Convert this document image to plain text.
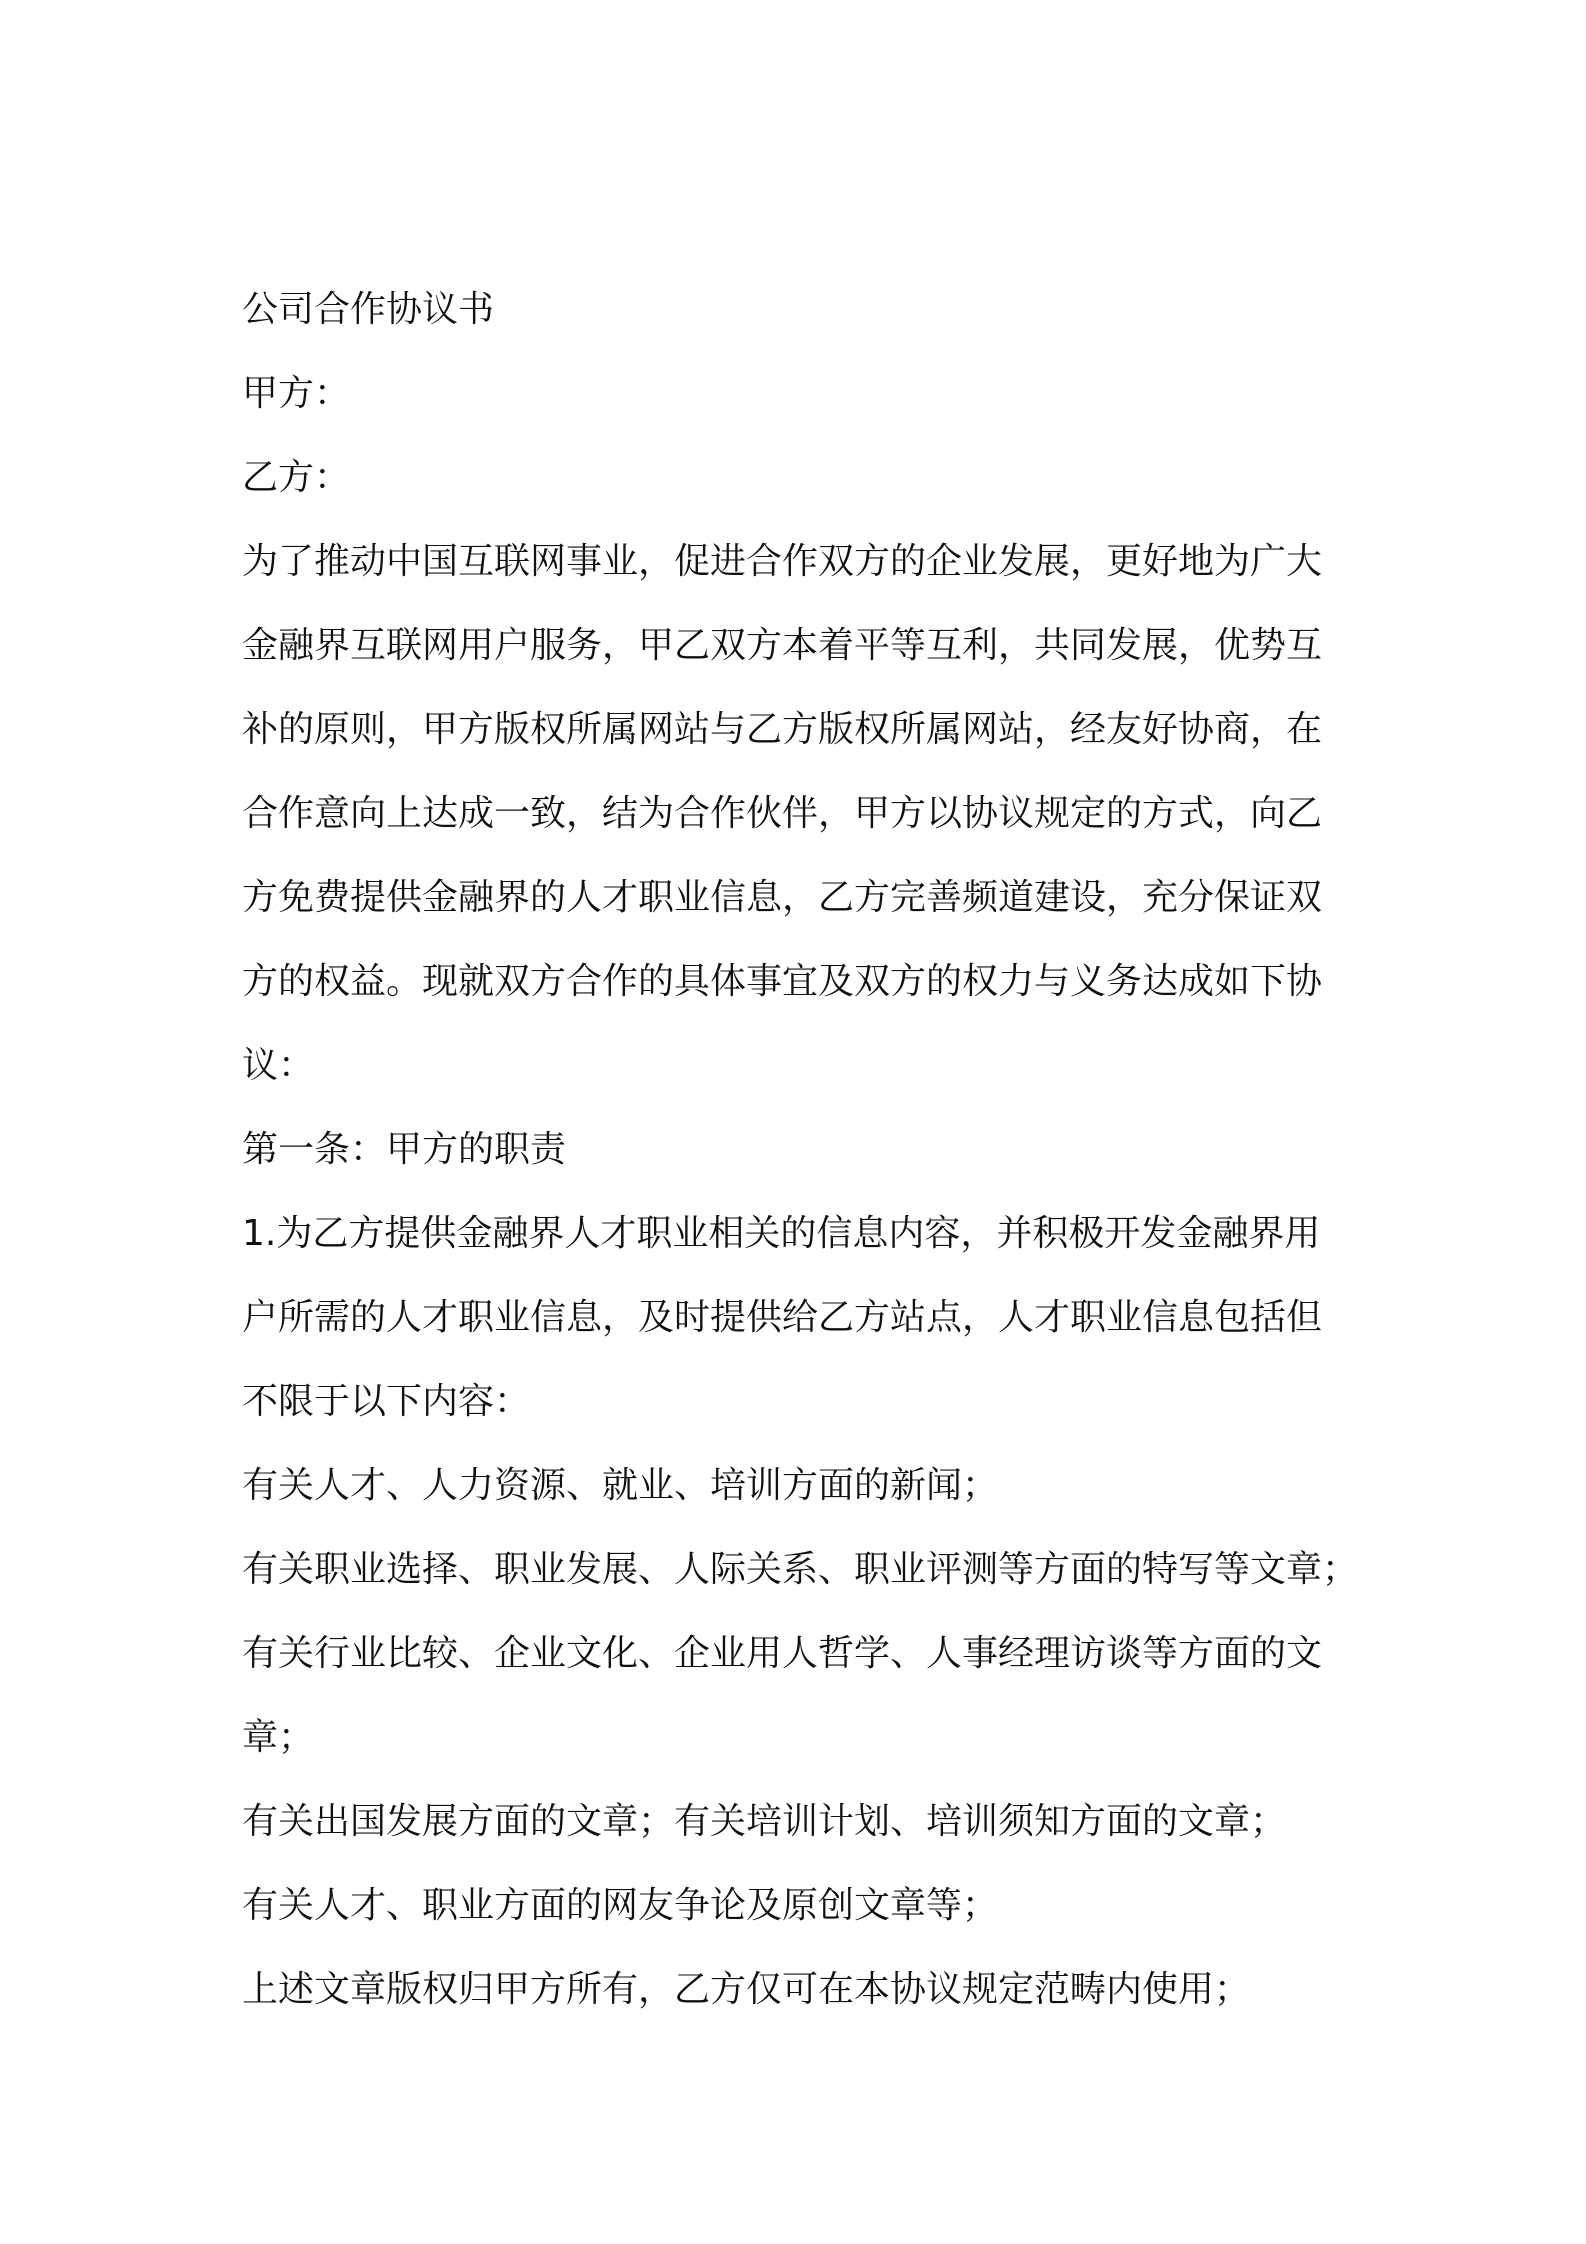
公司合作协议书

甲方：

乙方：

为了推动中国互联网事业，促进合作双方的企业发展，更好地为广大

金融界互联网用户服务，甲乙双方本着平等互利，共同发展，优势互

补的原则，甲方版权所属网站与乙方版权所属网站，经友好协商，在

合作意向上达成一致，结为合作伙伴，甲方以协议规定的方式，向乙

方免费提供金融界的人才职业信息，乙方完善频道建设，充分保证双

方的权益。现就双方合作的具体事宜及双方的权力与义务达成如下协

议：

第一条：甲方的职责

1.为乙方提供金融界人才职业相关的信息内容，并积极开发金融界用

户所需的人才职业信息，及时提供给乙方站点，人才职业信息包括但

不限于以下内容：

有关人才、人力资源、就业、培训方面的新闻；

有关职业选择、职业发展、人际关系、职业评测等方面的特写等文章；

有关行业比较、企业文化、企业用人哲学、人事经理访谈等方面的文

章；

有关出国发展方面的文章；有关培训计划、培训须知方面的文章；

有关人才、职业方面的网友争论及原创文章等；

上述文章版权归甲方所有，乙方仅可在本协议规定范畴内使用；
